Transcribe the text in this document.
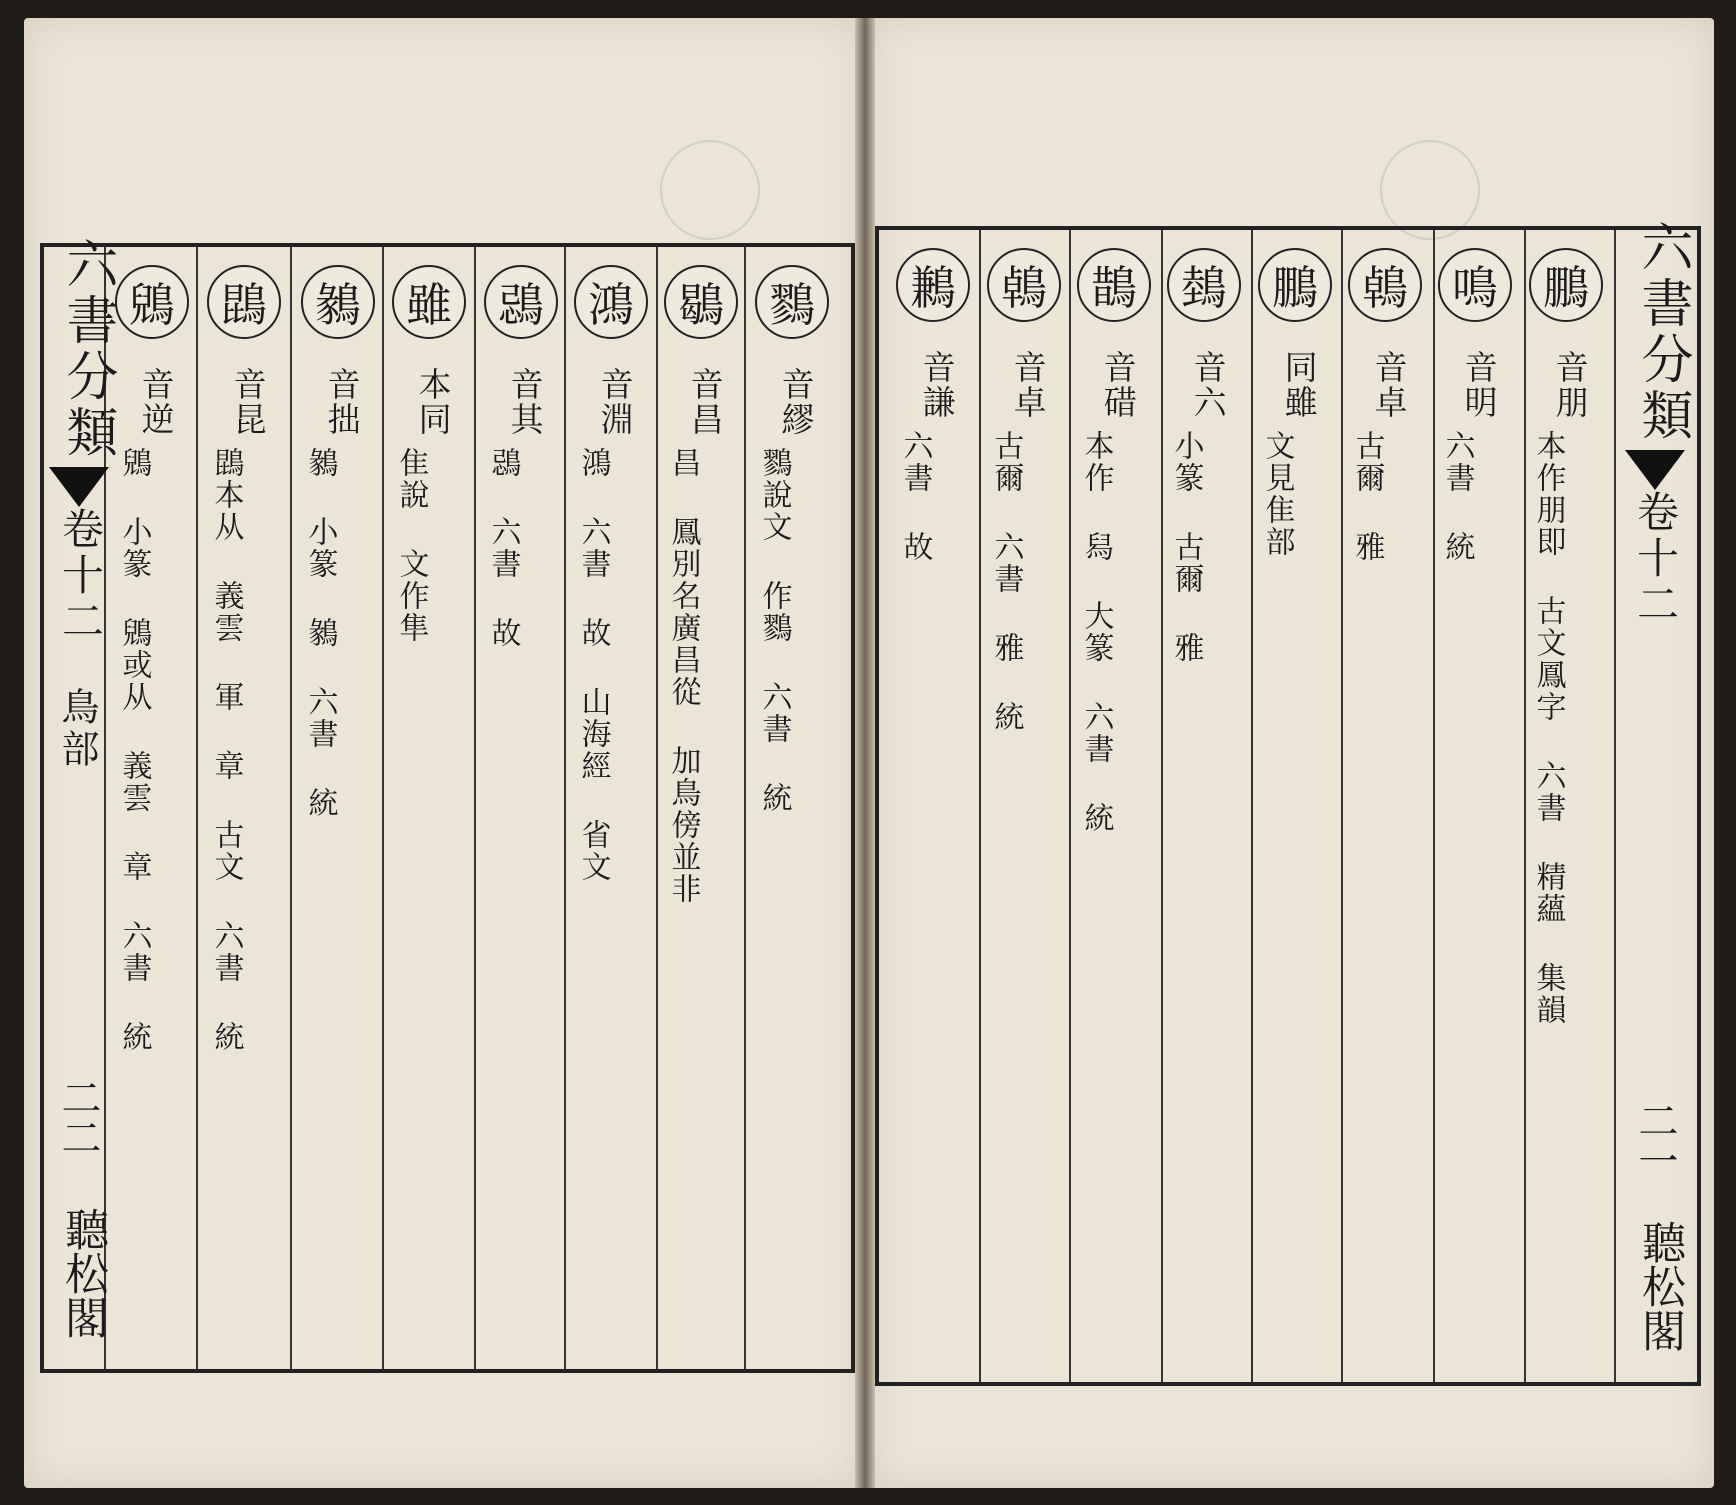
六書分類
卷十二
鳥部
二二
聽松閣
鷚
音繆
鷚說文 作鷚 六書 統
鶡
音昌
昌 鳳別名廣昌從 加鳥傍並非
鴻
音淵
鴻 六書 故 山海經 省文
鵋
音其
鵋 六書 故
雖
本同
隹說 文作隼
鶨
音拙
鶨 小篆 鶨 六書 統
鵾
音昆
鵾本从 義雲 軍 章 古文 六書 統
鶂
音逆
鶂 小篆 鶂或从 義雲 章 六書 統
六書分類
卷十二
二一
聽松閣
鵬
音朋
本作朋即 古文鳳字 六書 精蘊 集韻
鳴
音明
六書 統
鵫
音卓
古爾 雅
鵬
同雖
文見隹部
鵱
音六
小篆 古爾 雅
鵲
音碏
本作 舄 大篆 六書 統
鵫
音卓
古爾 六書 雅 統
鶼
音謙
六書 故
